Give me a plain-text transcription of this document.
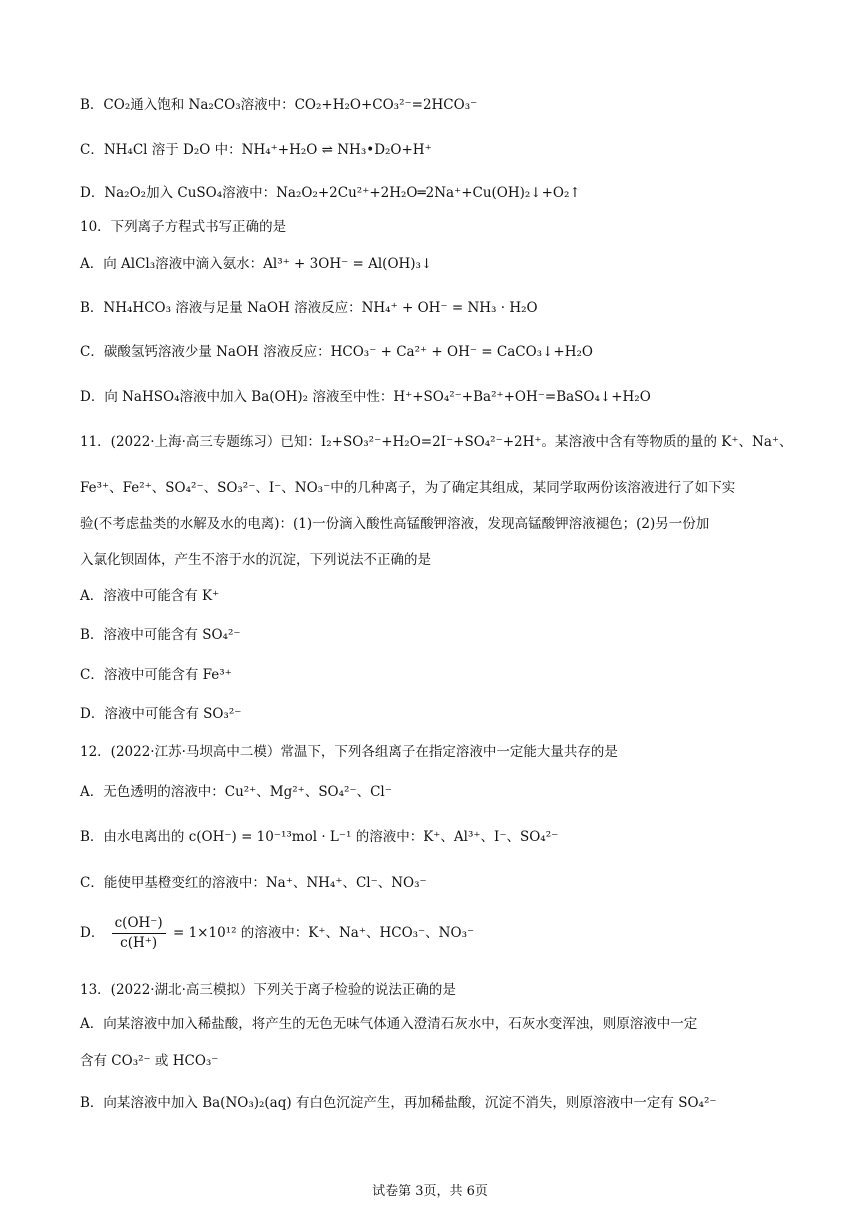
B．CO₂通入饱和 Na₂CO₃溶液中：CO₂+H₂O+CO₃²⁻=2HCO₃⁻
C．NH₄Cl 溶于 D₂O 中：NH₄⁺+H₂O ⇌ NH₃•D₂O+H⁺
D．Na₂O₂加入 CuSO₄溶液中：Na₂O₂+2Cu²⁺+2H₂O═2Na⁺+Cu(OH)₂↓+O₂↑
10．下列离子方程式书写正确的是
A．向 AlCl₃溶液中滴入氨水：Al³⁺ + 3OH⁻ = Al(OH)₃↓
B．NH₄HCO₃ 溶液与足量 NaOH 溶液反应：NH₄⁺ + OH⁻ = NH₃ · H₂O
C．碳酸氢钙溶液少量 NaOH 溶液反应：HCO₃⁻ + Ca²⁺ + OH⁻ = CaCO₃↓+H₂O
D．向 NaHSO₄溶液中加入 Ba(OH)₂ 溶液至中性：H⁺+SO₄²⁻+Ba²⁺+OH⁻=BaSO₄↓+H₂O
11．(2022·上海·高三专题练习）已知：I₂+SO₃²⁻+H₂O=2I⁻+SO₄²⁻+2H⁺。某溶液中含有等物质的量的 K⁺、Na⁺、
Fe³⁺、Fe²⁺、SO₄²⁻、SO₃²⁻、I⁻、NO₃⁻中的几种离子，为了确定其组成，某同学取两份该溶液进行了如下实
验(不考虑盐类的水解及水的电离)：(1)一份滴入酸性高锰酸钾溶液，发现高锰酸钾溶液褪色；(2)另一份加
入氯化钡固体，产生不溶于水的沉淀，下列说法不正确的是
A．溶液中可能含有 K⁺
B．溶液中可能含有 SO₄²⁻
C．溶液中可能含有 Fe³⁺
D．溶液中可能含有 SO₃²⁻
12．(2022·江苏·马坝高中二模）常温下，下列各组离子在指定溶液中一定能大量共存的是
A．无色透明的溶液中：Cu²⁺、Mg²⁺、SO₄²⁻、Cl⁻
B．由水电离出的 c(OH⁻) = 10⁻¹³mol · L⁻¹ 的溶液中：K⁺、Al³⁺、I⁻、SO₄²⁻
C．能使甲基橙变红的溶液中：Na⁺、NH₄⁺、Cl⁻、NO₃⁻
D． $\frac{c(OH^-)}{c(H^+)} = 1\times 10^{12}$ 的溶液中：K⁺、Na⁺、HCO₃⁻、NO₃⁻
13．(2022·湖北·高三模拟）下列关于离子检验的说法正确的是
A．向某溶液中加入稀盐酸，将产生的无色无味气体通入澄清石灰水中，石灰水变浑浊，则原溶液中一定
含有 CO₃²⁻ 或 HCO₃⁻
B．向某溶液中加入 Ba(NO₃)₂(aq) 有白色沉淀产生，再加稀盐酸，沉淀不消失，则原溶液中一定有 SO₄²⁻
试卷第 3页，共 6页
